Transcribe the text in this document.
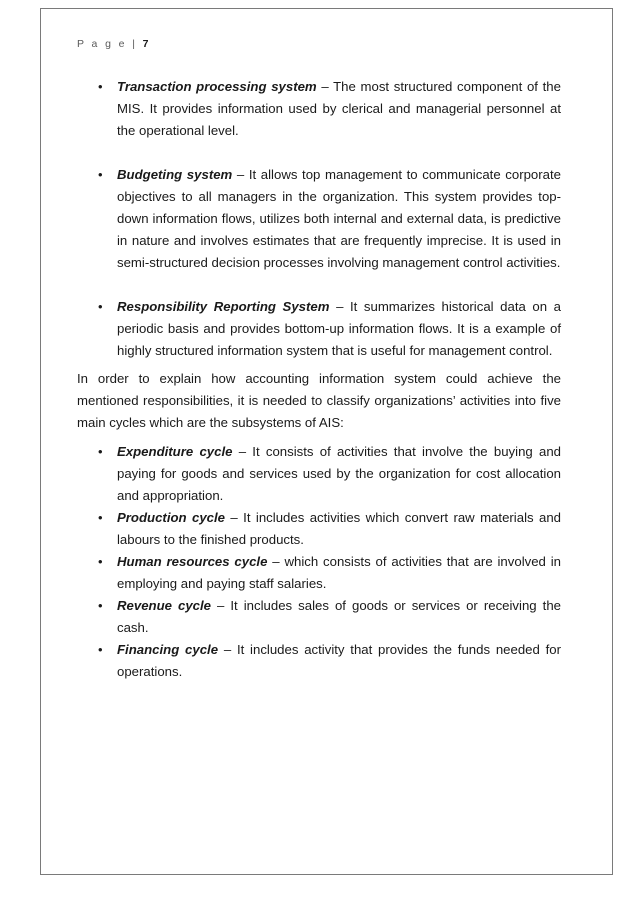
P a g e | 7
• Transaction processing system – The most structured component of the MIS. It provides information used by clerical and managerial personnel at the operational level.
• Budgeting system – It allows top management to communicate corporate objectives to all managers in the organization. This system provides top-down information flows, utilizes both internal and external data, is predictive in nature and involves estimates that are frequently imprecise. It is used in semi-structured decision processes involving management control activities.
• Responsibility Reporting System – It summarizes historical data on a periodic basis and provides bottom-up information flows. It is a example of highly structured information system that is useful for management control.

In order to explain how accounting information system could achieve the mentioned responsibilities, it is needed to classify organizations’ activities into five main cycles which are the subsystems of AIS:

• Expenditure cycle – It consists of activities that involve the buying and paying for goods and services used by the organization for cost allocation and appropriation.
• Production cycle – It includes activities which convert raw materials and labours to the finished products.
• Human resources cycle – which consists of activities that are involved in employing and paying staff salaries.
• Revenue cycle – It includes sales of goods or services or receiving the cash.
• Financing cycle – It includes activity that provides the funds needed for operations.
